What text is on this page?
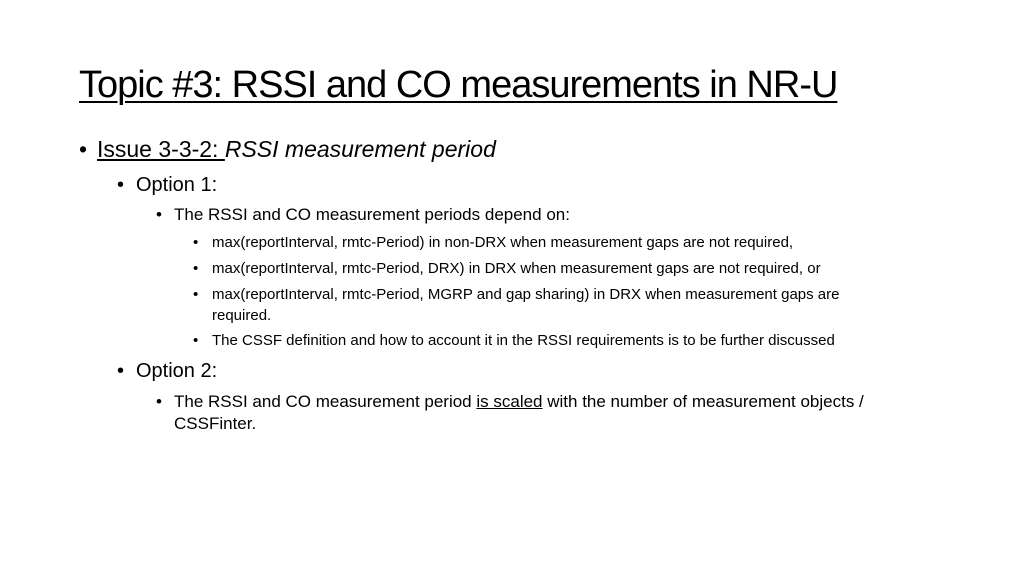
Topic #3: RSSI and CO measurements in NR-U
• Issue 3-3-2: RSSI measurement period
• Option 1:
• The RSSI and CO measurement periods depend on:
• max(reportInterval, rmtc-Period) in non-DRX when measurement gaps are not required,
• max(reportInterval, rmtc-Period, DRX) in DRX when measurement gaps are not required, or
• max(reportInterval, rmtc-Period, MGRP and gap sharing) in DRX when measurement gaps are
required.
• The CSSF definition and how to account it in the RSSI requirements is to be further discussed
• Option 2:
• The RSSI and CO measurement period is scaled with the number of measurement objects /
CSSFinter.
